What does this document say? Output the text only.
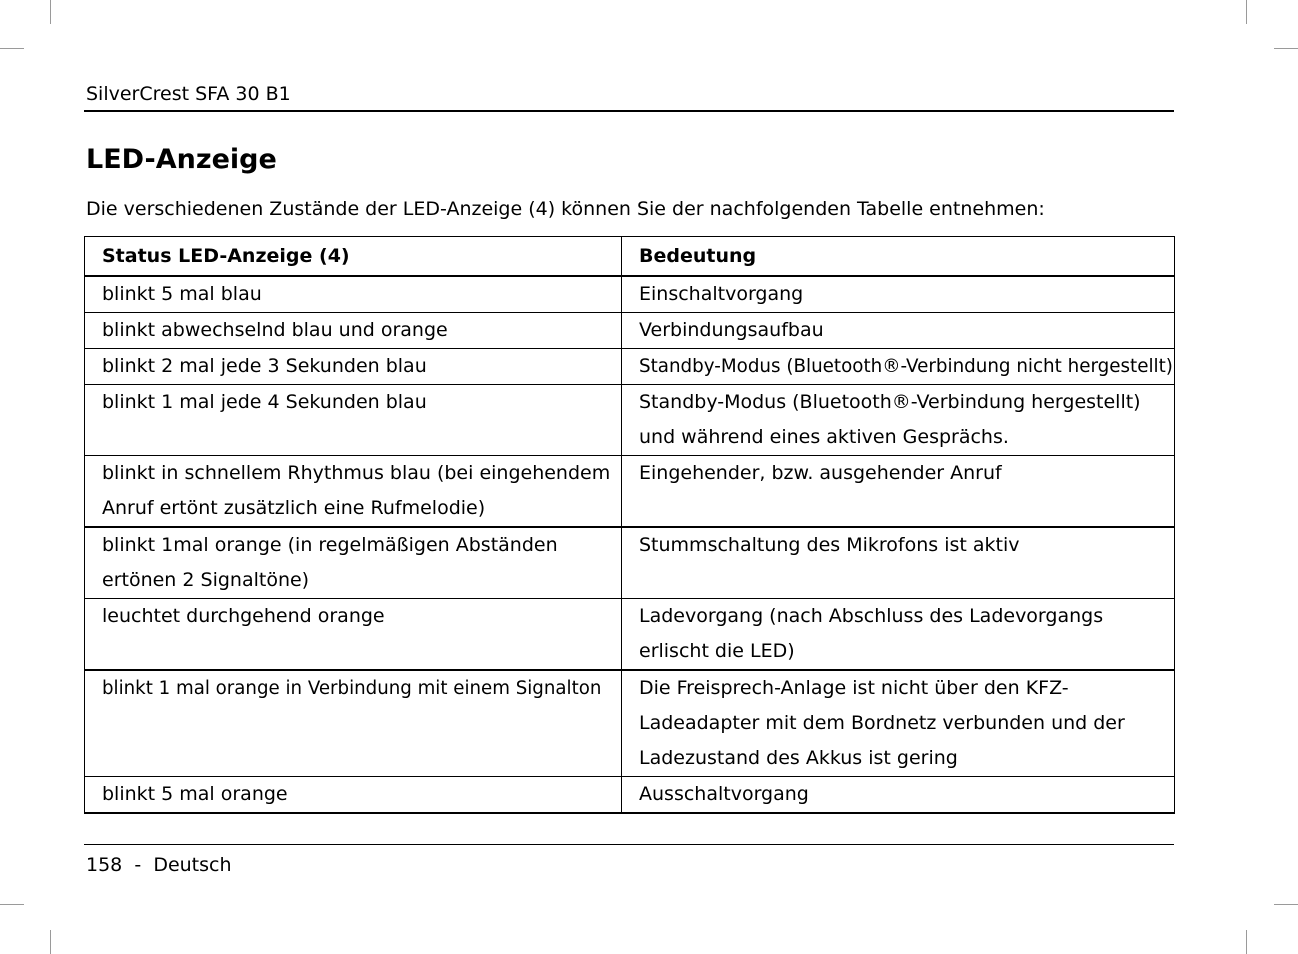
SilverCrest SFA 30 B1
LED-Anzeige
Die verschiedenen Zustände der LED-Anzeige (4) können Sie der nachfolgenden Tabelle entnehmen:
Status LED-Anzeige (4)	Bedeutung
blinkt 5 mal blau	Einschaltvorgang
blinkt abwechselnd blau und orange	Verbindungsaufbau
blinkt 2 mal jede 3 Sekunden blau	Standby-Modus (Bluetooth®-Verbindung nicht hergestellt)
blinkt 1 mal jede 4 Sekunden blau	Standby-Modus (Bluetooth®-Verbindung hergestellt) und während eines aktiven Gesprächs.
blinkt in schnellem Rhythmus blau (bei eingehendem Anruf ertönt zusätzlich eine Rufmelodie)	Eingehender, bzw. ausgehender Anruf
blinkt 1mal orange (in regelmäßigen Abständen ertönen 2 Signaltöne)	Stummschaltung des Mikrofons ist aktiv
leuchtet durchgehend orange	Ladevorgang (nach Abschluss des Ladevorgangs erlischt die LED)
blinkt 1 mal orange in Verbindung mit einem Signalton	Die Freisprech-Anlage ist nicht über den KFZ-Ladeadapter mit dem Bordnetz verbunden und der Ladezustand des Akkus ist gering
blinkt 5 mal orange	Ausschaltvorgang
158 - Deutsch
